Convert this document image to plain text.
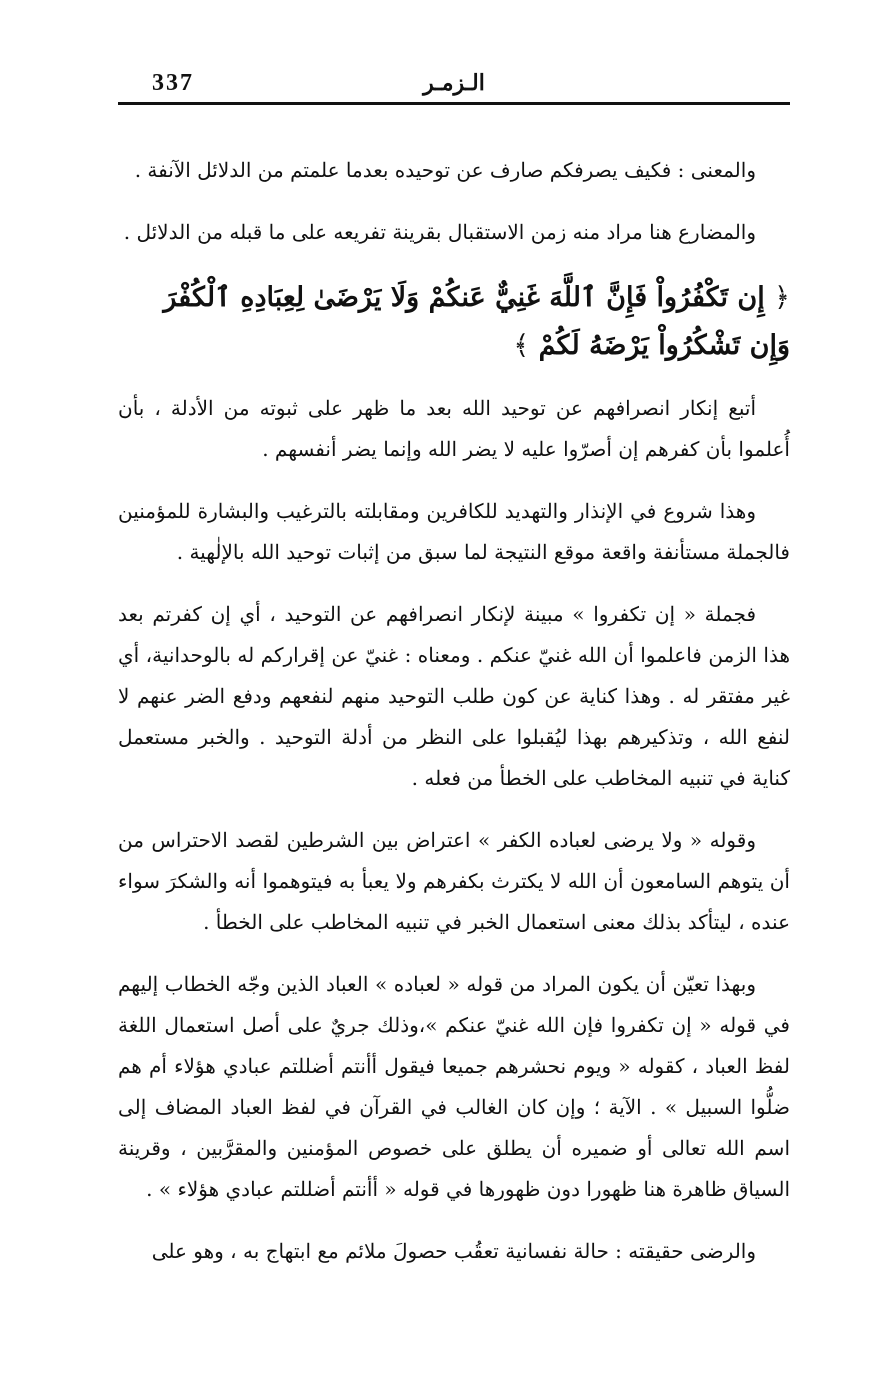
337	الـزمـر

والمعنى : فكيف يصرفكم صارف عن توحيده بعدما علمتم من الدلائل الآنفة .

والمضارع هنا مراد منه زمن الاستقبال بقرينة تفريعه على ما قبله من الدلائل .

﴿ إِن تَكْفُرُواْ فَإِنَّ ٱللَّهَ غَنِيٌّ عَنكُمْ وَلَا يَرْضَىٰ لِعِبَادِهِ ٱلْكُفْرَ وَإِن تَشْكُرُواْ يَرْضَهُ لَكُمْ ﴾

أتبع إنكار انصرافهم عن توحيد الله بعد ما ظهر على ثبوته من الأدلة ، بأن أُعلموا بأن كفرهم إن أصرّوا عليه لا يضر الله وإنما يضر أنفسهم .

وهذا شروع في الإنذار والتهديد للكافرين ومقابلته بالترغيب والبشارة للمؤمنين فالجملة مستأنفة واقعة موقع النتيجة لما سبق من إثبات توحيد الله بالإلٰهية .

فجملة « إن تكفروا » مبينة لإنكار انصرافهم عن التوحيد ، أي إن كفرتم بعد هذا الزمن فاعلموا أن الله غنيّ عنكم . ومعناه : غنيّ عن إقراركم له بالوحدانية، أي غير مفتقر له . وهذا كناية عن كون طلب التوحيد منهم لنفعهم ودفع الضر عنهم لا لنفع الله ، وتذكيرهم بهذا ليُقبلوا على النظر من أدلة التوحيد . والخبر مستعمل كناية في تنبيه المخاطب على الخطأ من فعله .

وقوله « ولا يرضى لعباده الكفر » اعتراض بين الشرطين لقصد الاحتراس من أن يتوهم السامعون أن الله لا يكترث بكفرهم ولا يعبأ به فيتوهموا أنه والشكرَ سواء عنده ، ليتأكد بذلك معنى استعمال الخبر في تنبيه المخاطب على الخطأ .

وبهذا تعيّن أن يكون المراد من قوله « لعباده » العباد الذين وجّه الخطاب إليهم في قوله « إن تكفروا فإن الله غنيّ عنكم »،وذلك جريٌ على أصل استعمال اللغة لفظ العباد ، كقوله « ويوم نحشرهم جميعا فيقول أأنتم أضللتم عبادي هؤلاء أم هم ضلُّوا السبيل » . الآية ؛ وإن كان الغالب في القرآن في لفظ العباد المضاف إلى اسم الله تعالى أو ضميره أن يطلق على خصوص المؤمنين والمقرَّبين ، وقرينة السياق ظاهرة هنا ظهورا دون ظهورها في قوله « أأنتم أضللتم عبادي هؤلاء » .

والرضى حقيقته : حالة نفسانية تعقُب حصولَ ملائم مع ابتهاج به ، وهو على
